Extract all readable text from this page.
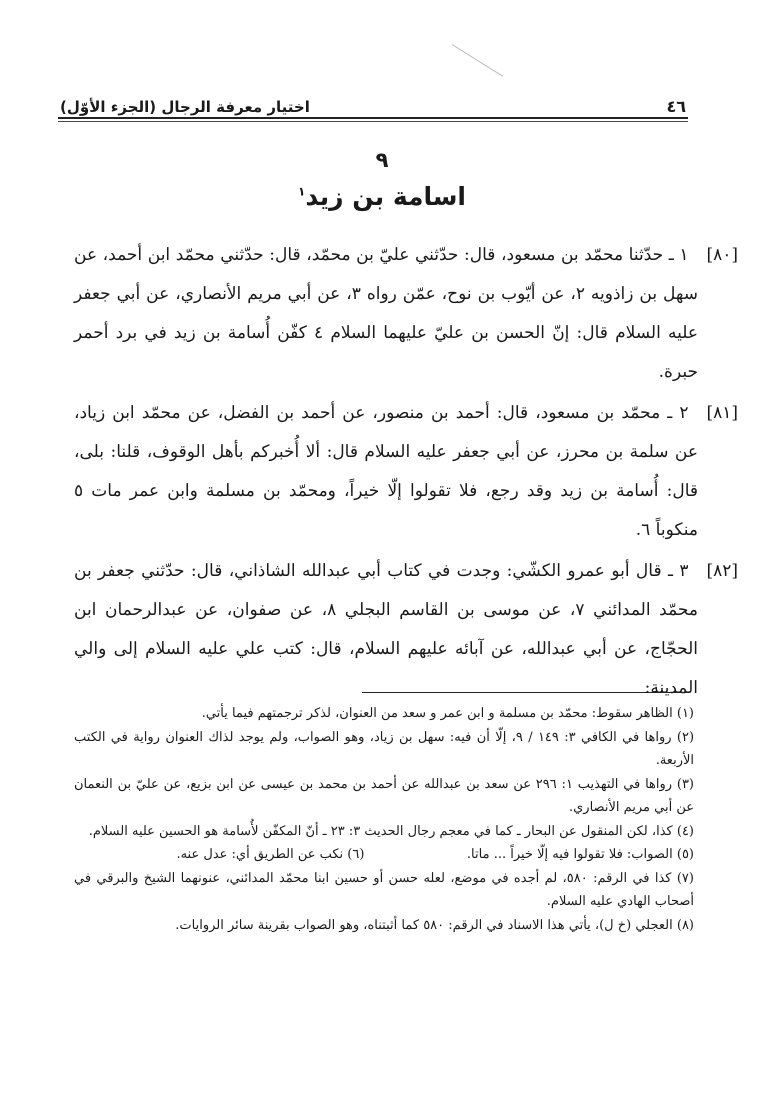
اختيار معرفة الرجال (الجزء الأوّل)	٤٦
٩
اسامة بن زيد$^١$

[٨٠]١ ـ حدّثنا محمّد بن مسعود، قال: حدّثني عليّ بن محمّد، قال: حدّثني محمّد ابن أحمد، عن سهل بن زاذويه ٢، عن أيّوب بن نوح، عمّن رواه ٣، عن أبي مريم الأنصاري، عن أبي جعفر عليه السلام قال: إنّ الحسن بن عليّ عليهما السلام ٤ كفّن أُسامة بن زيد في برد أحمر حبرة.

[٨١]٢ ـ محمّد بن مسعود، قال: أحمد بن منصور، عن أحمد بن الفضل، عن محمّد ابن زياد، عن سلمة بن محرز، عن أبي جعفر عليه السلام قال: ألا أُخبركم بأهل الوقوف، قلنا: بلى، قال: أُسامة بن زيد وقد رجع، فلا تقولوا إلّا خيراً، ومحمّد بن مسلمة وابن عمر مات ٥ منكوباً ٦.

[٨٢]٣ ـ قال أبو عمرو الكشّي: وجدت في كتاب أبي عبدالله الشاذاني، قال: حدّثني جعفر بن محمّد المدائني ٧، عن موسى بن القاسم البجلي ٨، عن صفوان، عن عبدالرحمان ابن الحجّاج، عن أبي عبدالله، عن آبائه عليهم السلام، قال: كتب علي عليه السلام إلى والي المدينة:

(١) الظاهر سقوط: محمّد بن مسلمة و ابن عمر و سعد من العنوان، لذكر ترجمتهم فيما يأتي.

(٢) رواها في الكافي ٣: ١٤٩ / ٩، إلّا أن فيه: سهل بن زياد، وهو الصواب، ولم يوجد لذاك العنوان رواية في الكتب الأربعة.

(٣) رواها في التهذيب ١: ٢٩٦ عن سعد بن عبدالله عن أحمد بن محمد بن عيسى عن ابن بزيع، عن عليّ بن النعمان عن أبي مريم الأنصاري.

(٤) كذا، لكن المنقول عن البحار ـ كما في معجم رجال الحديث ٣: ٢٣ ـ أنّ المكفّن لأُسامة هو الحسين عليه السلام.

(٥) الصواب: فلا تقولوا فيه إلّا خيراً ... ماتا.

(٦) نكب عن الطريق أي: عدل عنه.

(٧) كذا في الرقم: ٥٨٠، لم أجده في موضع، لعله حسن أو حسين ابنا محمّد المدائني، عنونهما الشيخ والبرقي في أصحاب الهادي عليه السلام.

(٨) العجلي (خ ل)، يأتي هذا الاسناد في الرقم: ٥٨٠ كما أثبتناه، وهو الصواب بقرينة سائر الروايات.
